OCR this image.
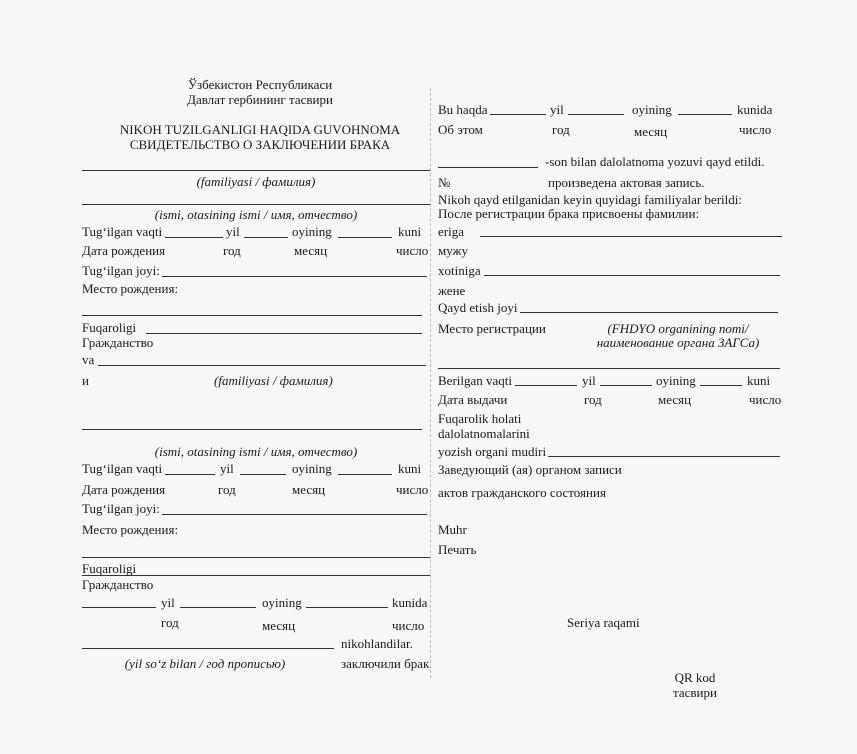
Ўзбекистон Республикаси
Давлат гербининг тасвири
NIKOH TUZILGANLIGI HAQIDA GUVOHNOMA
СВИДЕТЕЛЬСТВО О ЗАКЛЮЧЕНИИ БРАКА
(familiyasi / фамилия)
(ismi, otasining ismi / имя, отчество)
Tug‘ilgan vaqti	yil	oyining	kuni
Дата рождения	год	месяц	число
Tug‘ilgan joyi:
Место рождения:
Fuqaroligi
Гражданство
va
и	(familiyasi / фамилия)
(ismi, otasining ismi / имя, отчество)
Tug‘ilgan vaqti	yil	oyining	kuni
Дата рождения	год	месяц	число
Tug‘ilgan joyi:
Место рождения:
Fuqaroligi
Гражданство
yil	oyining	kunida
год	месяц	число
nikohlandilar.
(yil so‘z bilan / год прописью)	заключили брак
Bu haqda	yil	oyining	kunida
Об этом	год	месяц	число
-son bilan dalolatnoma yozuvi qayd etildi.
№	произведена актовая запись.
Nikoh qayd etilganidan keyin quyidagi familiyalar berildi:
После регистрации брака присвоены фамилии:
eriga
мужу
xotiniga
жене
Qayd etish joyi
Место регистрации	(FHDYO organining nomi/
наименование органа ЗАГСа)
Berilgan vaqti	yil	oyining	kuni
Дата выдачи	год	месяц	число
Fuqarolik holati
dalolatnomalarini
yozish organi mudiri
Заведующий (ая) органом записи
актов гражданского состояния
Muhr
Печать
Seriya raqami
QR kod
тасвири
